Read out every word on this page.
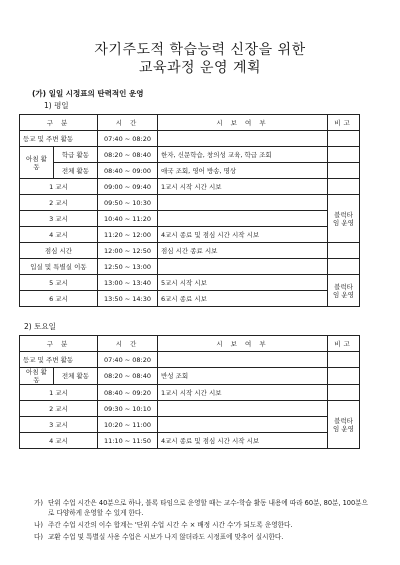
자기주도적 학습능력 신장을 위한
교육과정 운영 계획
(가) 일일 시정표의 탄력적인 운영
1) 평일
구 분		시 간	시 보 여 부	비고
등교 및 주변 활동		07:40 ~ 08:20		
아침 활동	학급 활동	08:20 ~ 08:40	한자, 신문학습, 창의성 교육, 학급 조회	
	전체 활동	08:40 ~ 09:00	애국 조회, 영어 방송, 명상	
1 교시		09:00 ~ 09:40	1교시 시작 시간 시보	
2 교시		09:50 ~ 10:30		블럭타임 운영
3 교시		10:40 ~ 11:20		
4 교시		11:20 ~ 12:00	4교시 종료 및 점심 시간 시작 시보	
점심 시간		12:00 ~ 12:50	점심 시간 종료 시보	
입실 및 특별실 이동		12:50 ~ 13:00		
5 교시		13:00 ~ 13:40	5교시 시작 시보	블럭타임 운영
6 교시		13:50 ~ 14:30	6교시 종료 시보	
2) 토요일
구 분		시 간	시 보 여 부	비고
등교 및 주변 활동		07:40 ~ 08:20		
아침 활동	전체 활동	08:20 ~ 08:40	반성 조회	
1 교시		08:40 ~ 09:20	1교시 시작 시간 시보	
2 교시		09:30 ~ 10:10		블럭타임 운영
3 교시		10:20 ~ 11:00		
4 교시		11:10 ~ 11:50	4교시 종료 및 점심 시간 시작 시보	
가) 단위 수업 시간은 40분으로 하나, 블록 타임으로 운영할 때는 교수-학습 활동 내용에 따라 60분, 80분, 100분으로 다양하게 운영할 수 있게 한다.
나) 주간 수업 시간의 이수 합계는 '단위 수업 시간 수 × 배정 시간 수'가 되도록 운영한다.
다) 교환 수업 및 특별실 사용 수업은 시보가 나지 않더라도 시정표에 맞추어 실시한다.
